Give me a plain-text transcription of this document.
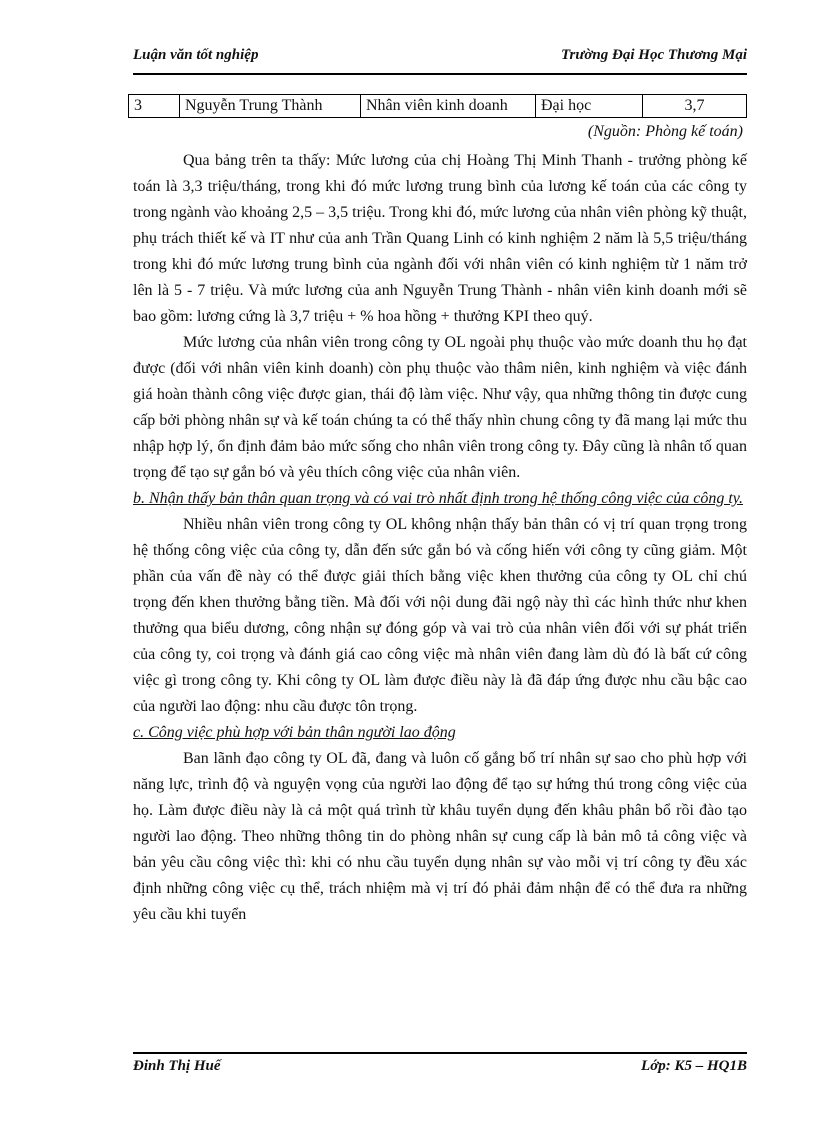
Luận văn tốt nghiệp	Trường Đại Học Thương Mại
3	Nguyễn Trung Thành	Nhân viên kinh doanh	Đại học	3,7
(Nguồn: Phòng kế toán)

Qua bảng trên ta thấy: Mức lương của chị Hoàng Thị Minh Thanh - trưởng phòng kế toán là 3,3 triệu/tháng, trong khi đó mức lương trung bình của lương kế toán của các công ty trong ngành vào khoảng 2,5 – 3,5 triệu. Trong khi đó, mức lương của nhân viên phòng kỹ thuật, phụ trách thiết kế và IT như của anh Trần Quang Linh có kinh nghiệm 2 năm là 5,5 triệu/tháng trong khi đó mức lương trung bình của ngành đối với nhân viên có kinh nghiệm từ 1 năm trở lên là 5 - 7 triệu. Và mức lương của anh Nguyễn Trung Thành - nhân viên kinh doanh mới sẽ bao gồm: lương cứng là 3,7 triệu + % hoa hồng + thưởng KPI theo quý.

Mức lương của nhân viên trong công ty OL ngoài phụ thuộc vào mức doanh thu họ đạt được (đối với nhân viên kinh doanh) còn phụ thuộc vào thâm niên, kinh nghiệm và việc đánh giá hoàn thành công việc được gian, thái độ làm việc. Như vậy, qua những thông tin được cung cấp bởi phòng nhân sự và kế toán chúng ta có thể thấy nhìn chung công ty đã mang lại mức thu nhập hợp lý, ổn định đảm bảo mức sống cho nhân viên trong công ty. Đây cũng là nhân tố quan trọng để tạo sự gắn bó và yêu thích công việc của nhân viên.

b. Nhận thấy bản thân quan trọng và có vai trò nhất định trong hệ thống công việc của công ty.

Nhiều nhân viên trong công ty OL không nhận thấy bản thân có vị trí quan trọng trong hệ thống công việc của công ty, dẫn đến sức gắn bó và cống hiến với công ty cũng giảm. Một phần của vấn đề này có thể được giải thích bằng việc khen thưởng của công ty OL chỉ chú trọng đến khen thưởng bằng tiền. Mà đối với nội dung đãi ngộ này thì các hình thức như khen thưởng qua biểu dương, công nhận sự đóng góp và vai trò của nhân viên đối với sự phát triển của công ty, coi trọng và đánh giá cao công việc mà nhân viên đang làm dù đó là bất cứ công việc gì trong công ty. Khi công ty OL làm được điều này là đã đáp ứng được nhu cầu bậc cao của người lao động: nhu cầu được tôn trọng.

c. Công việc phù hợp với bản thân người lao động

Ban lãnh đạo công ty OL đã, đang và luôn cố gắng bố trí nhân sự sao cho phù hợp với năng lực, trình độ và nguyện vọng của người lao động để tạo sự hứng thú trong công việc của họ. Làm được điều này là cả một quá trình từ khâu tuyển dụng đến khâu phân bổ rồi đào tạo người lao động. Theo những thông tin do phòng nhân sự cung cấp là bản mô tả công việc và bản yêu cầu công việc thì: khi có nhu cầu tuyển dụng nhân sự vào mỗi vị trí công ty đều xác định những công việc cụ thể, trách nhiệm mà vị trí đó phải đảm nhận để có thể đưa ra những yêu cầu khi tuyển

Đinh Thị Huế	Lớp: K5 – HQ1B
